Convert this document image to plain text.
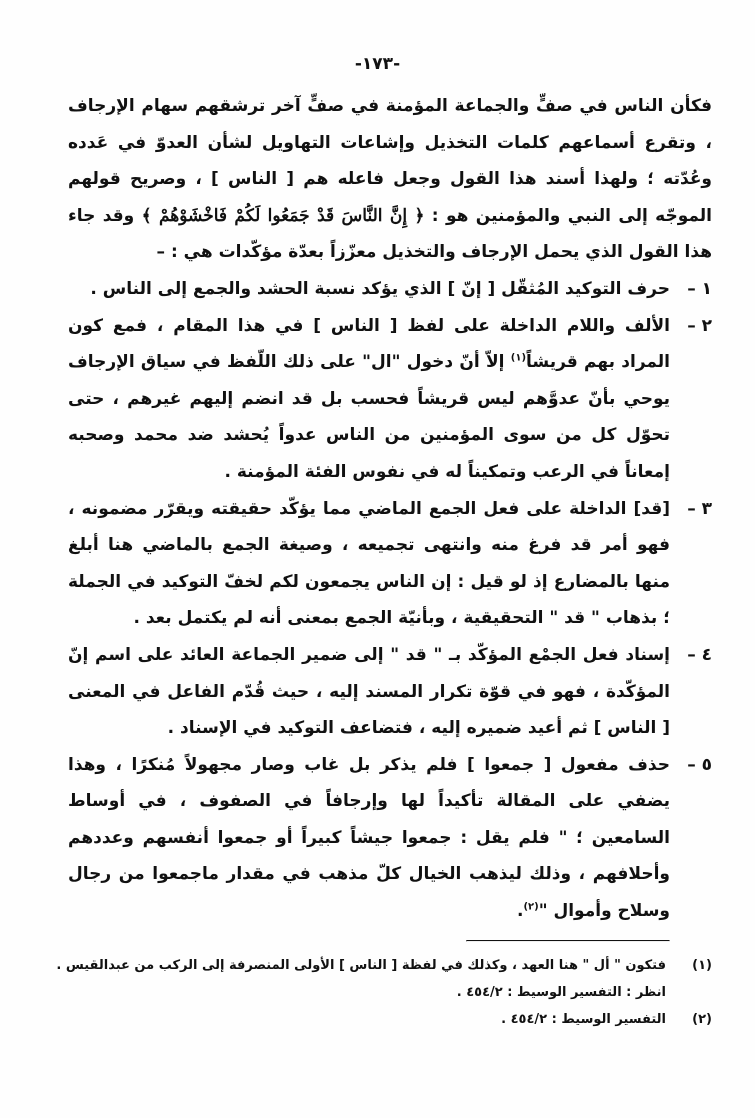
-١٧٣-

فكأن الناس في صفٍّ والجماعة المؤمنة في صفٍّ آخر ترشقهم سهام الإرجاف ، وتقرع أسماعهم كلمات التخذيل وإشاعات التهاويل لشأن العدوّ في عَدده وعُدّته ؛ ولهذا أسند هذا القول وجعل فاعله هم [ الناس ] ، وصريح قولهم الموجّه إلى النبي والمؤمنين هو : ﴿ إِنَّ النَّاسَ قَدْ جَمَعُوا لَكُمْ فَاخْشَوْهُمْ ﴾ وقد جاء هذا القول الذي يحمل الإرجاف والتخذيل معزّزاً بعدّة مؤكّدات هي : –

١ –
حرف التوكيد المُثقّل [ إنّ ] الذي يؤكد نسبة الحشد والجمع إلى الناس .
٢ –
الألف واللام الداخلة على لفظ [ الناس ] في هذا المقام ، فمع كون المراد بهم قريشاً$^{(١)}$ إلاّ أنّ دخول "ال" على ذلك اللّفظ في سياق الإرجاف يوحي بأنّ عدوَّهم ليس قريشاً فحسب بل قد انضم إليهم غيرهم ، حتى تحوّل كل من سوى المؤمنين من الناس عدواً يُحشد ضد محمد وصحبه إمعاناً في الرعب وتمكيناً له في نفوس الفئة المؤمنة .
٣ –
[قد] الداخلة على فعل الجمع الماضي مما يؤكّد حقيقته ويقرّر مضمونه ، فهو أمر قد فرغ منه وانتهى تجميعه ، وصيغة الجمع بالماضي هنا أبلغ منها بالمضارع إذ لو قيل : إن الناس يجمعون لكم لخفّ التوكيد في الجملة ؛ بذهاب " قد " التحقيقية ، وبأنيّة الجمع بمعنى أنه لم يكتمل بعد .
٤ –
إسناد فعل الجمْع المؤكّد بـ " قد " إلى ضمير الجماعة العائد على اسم إنّ المؤكّدة ، فهو في قوّة تكرار المسند إليه ، حيث قُدّم الفاعل في المعنى [ الناس ] ثم أعيد ضميره إليه ، فتضاعف التوكيد في الإسناد .
٥ –
حذف مفعول [ جمعوا ] فلم يذكر بل غاب وصار مجهولاً مُنكرًا ، وهذا يضفي على المقالة تأكيداً لها وإرجافاً في الصفوف ، في أوساط السامعين ؛ " فلم يقل : جمعوا جيشاً كبيراً أو جمعوا أنفسهم وعددهم وأحلافهم ، وذلك ليذهب الخيال كلّ مذهب في مقدار ماجمعوا من رجال وسلاح وأموال "$^{(٢)}$.
(١)

فتكون " أل " هنا العهد ، وكذلك في لفظة [ الناس ] الأولى المنصرفة إلى الركب من عبدالقيس . انظر : التفسير الوسيط : ٤٥٤/٢ .

(٢)

التفسير الوسيط : ٤٥٤/٢ .
